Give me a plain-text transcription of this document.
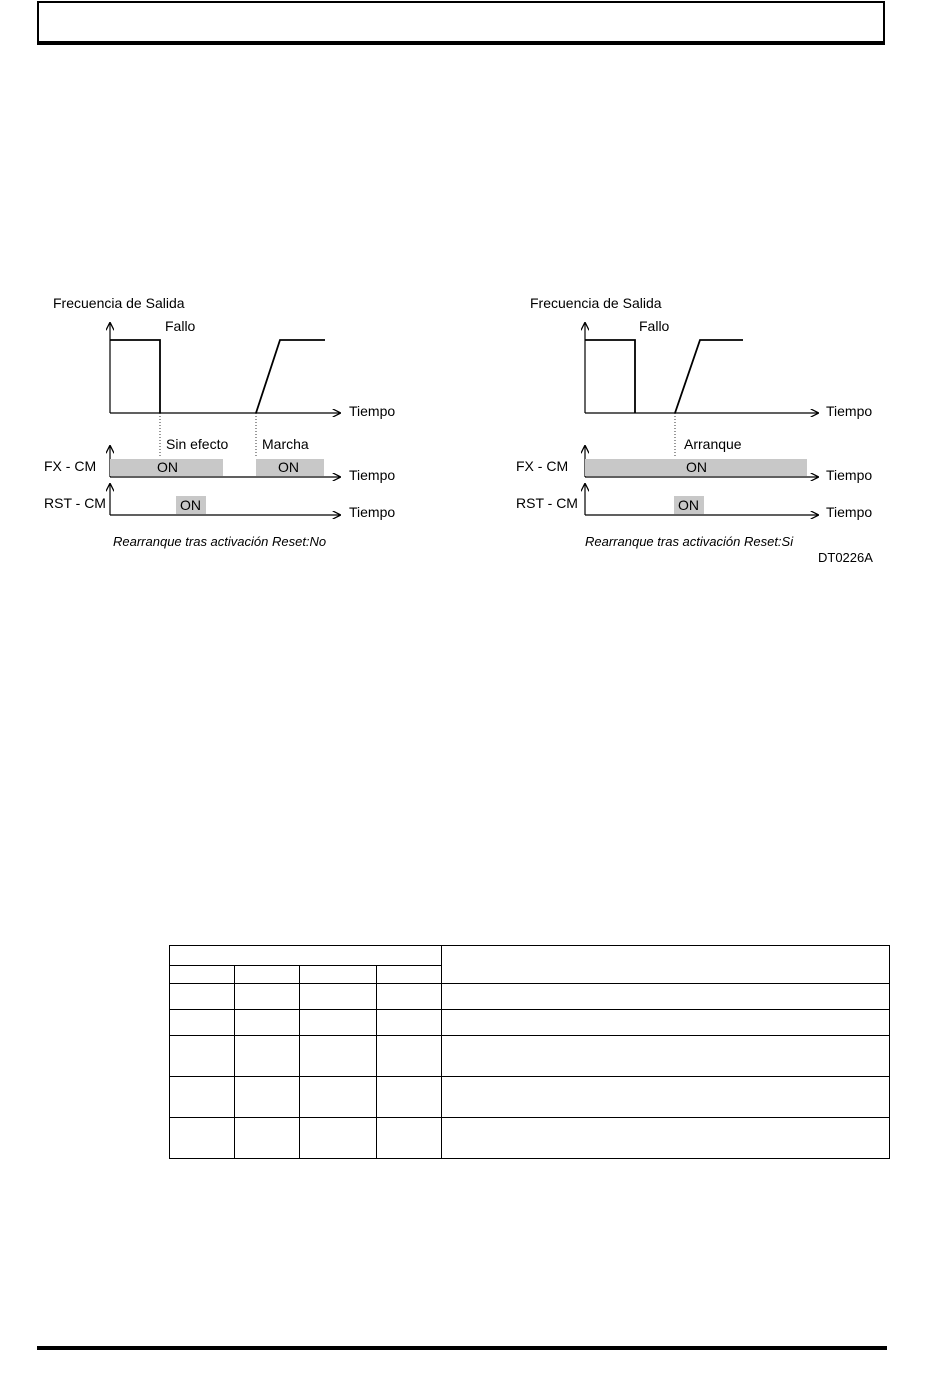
Frecuencia de Salida
Fallo
Tiempo
Sin efecto Marcha
FX - CM	ON	ON	Tiempo
RST - CM	ON	Tiempo
Rearranque tras activación Reset:No
Frecuencia de Salida
Fallo
Tiempo
Arranque
FX - CM	ON	Tiempo
RST - CM	ON	Tiempo
Rearranque tras activación Reset:Si
DT0226A
